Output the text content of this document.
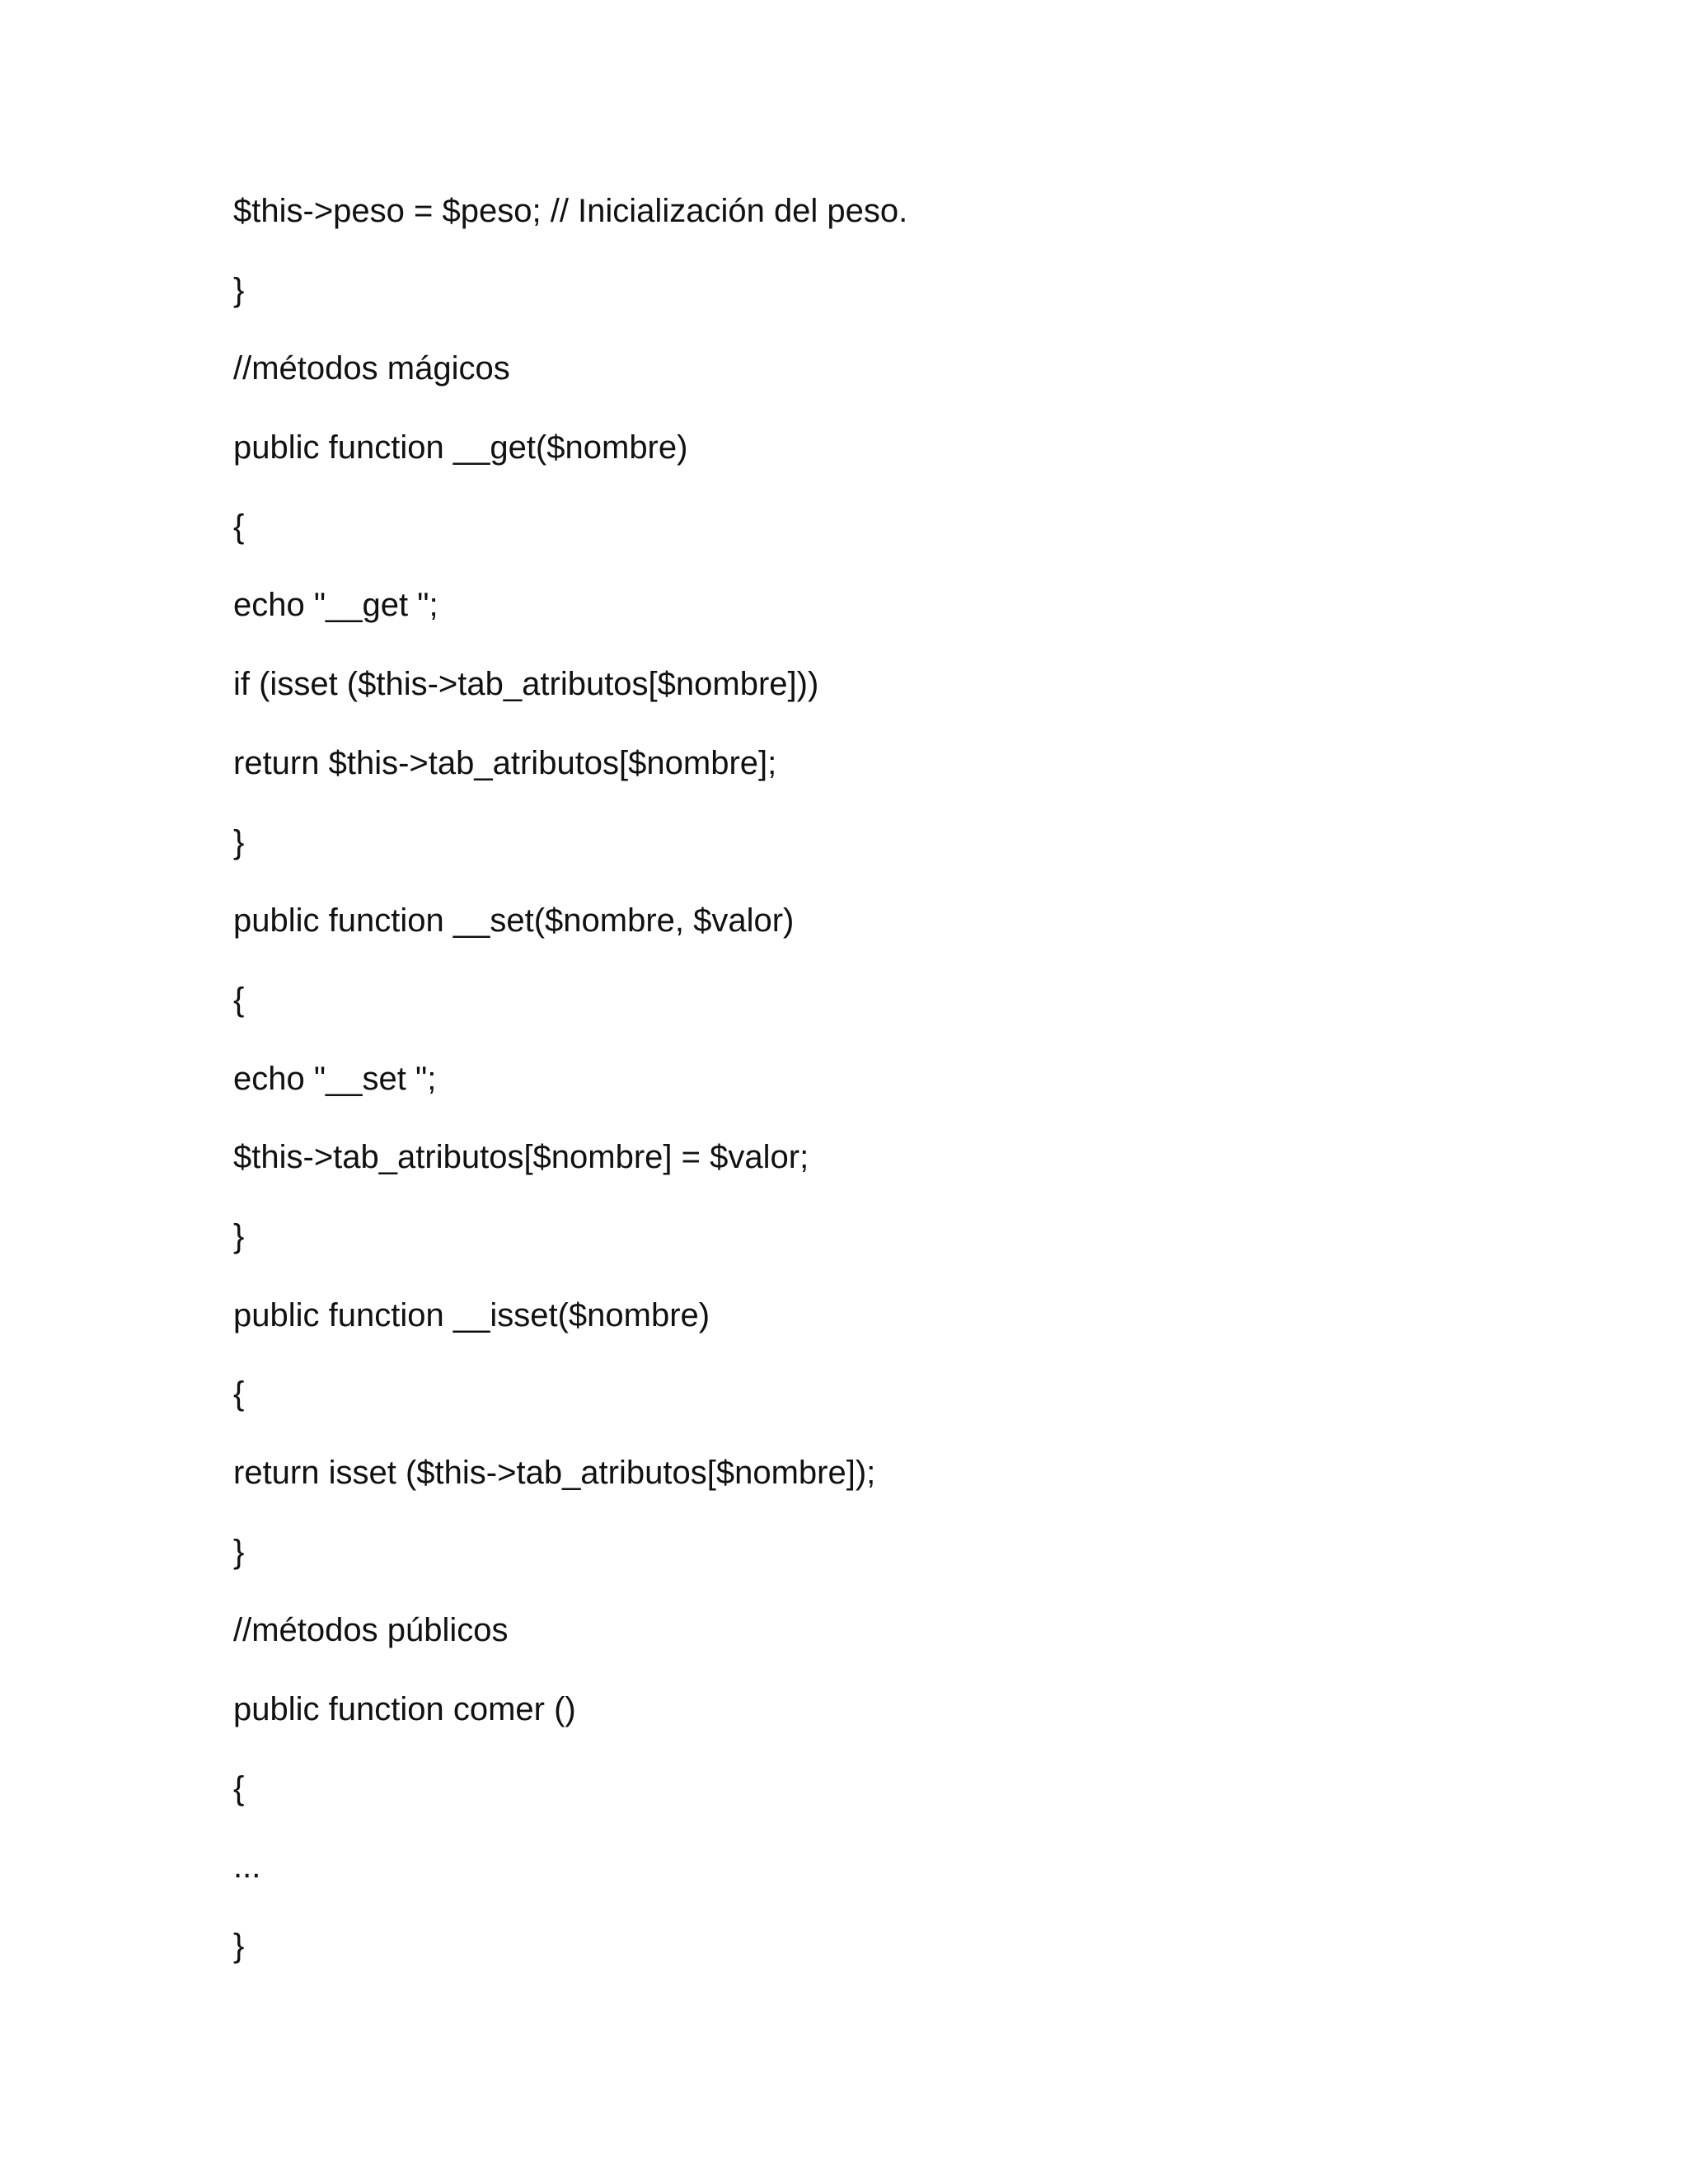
$this->peso = $peso; // Inicialización del peso.
}
//métodos mágicos
public function __get($nombre)
{
echo "__get ";
if (isset ($this->tab_atributos[$nombre]))
return $this->tab_atributos[$nombre];
}
public function __set($nombre, $valor)
{
echo "__set ";
$this->tab_atributos[$nombre] = $valor;
}
public function __isset($nombre)
{
return isset ($this->tab_atributos[$nombre]);
}
//métodos públicos
public function comer ()
{
...
}
